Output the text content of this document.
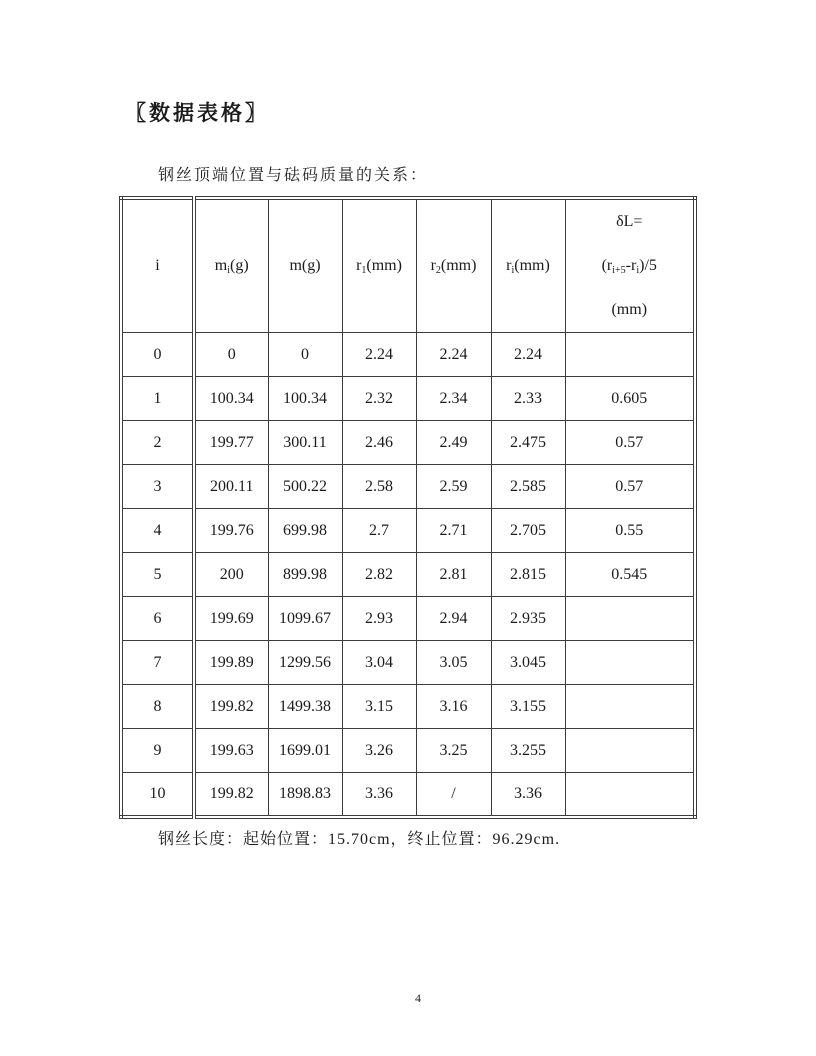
〖数据表格〗
钢丝顶端位置与砝码质量的关系：
i	$m_i(g)$	m(g)	$r_1(mm)$	$r_2(mm)$	$r_i(mm)$	δL=
$(r_{i+5}-r_i)/5$
(mm)

0	0	0	2.24	2.24	2.24	
1	100.34	100.34	2.32	2.34	2.33	0.605
2	199.77	300.11	2.46	2.49	2.475	0.57
3	200.11	500.22	2.58	2.59	2.585	0.57
4	199.76	699.98	2.7	2.71	2.705	0.55
5	200	899.98	2.82	2.81	2.815	0.545
6	199.69	1099.67	2.93	2.94	2.935	
7	199.89	1299.56	3.04	3.05	3.045	
8	199.82	1499.38	3.15	3.16	3.155	
9	199.63	1699.01	3.26	3.25	3.255	
10	199.82	1898.83	3.36	/	3.36	
钢丝长度：起始位置：15.70cm，终止位置：96.29cm.
4
